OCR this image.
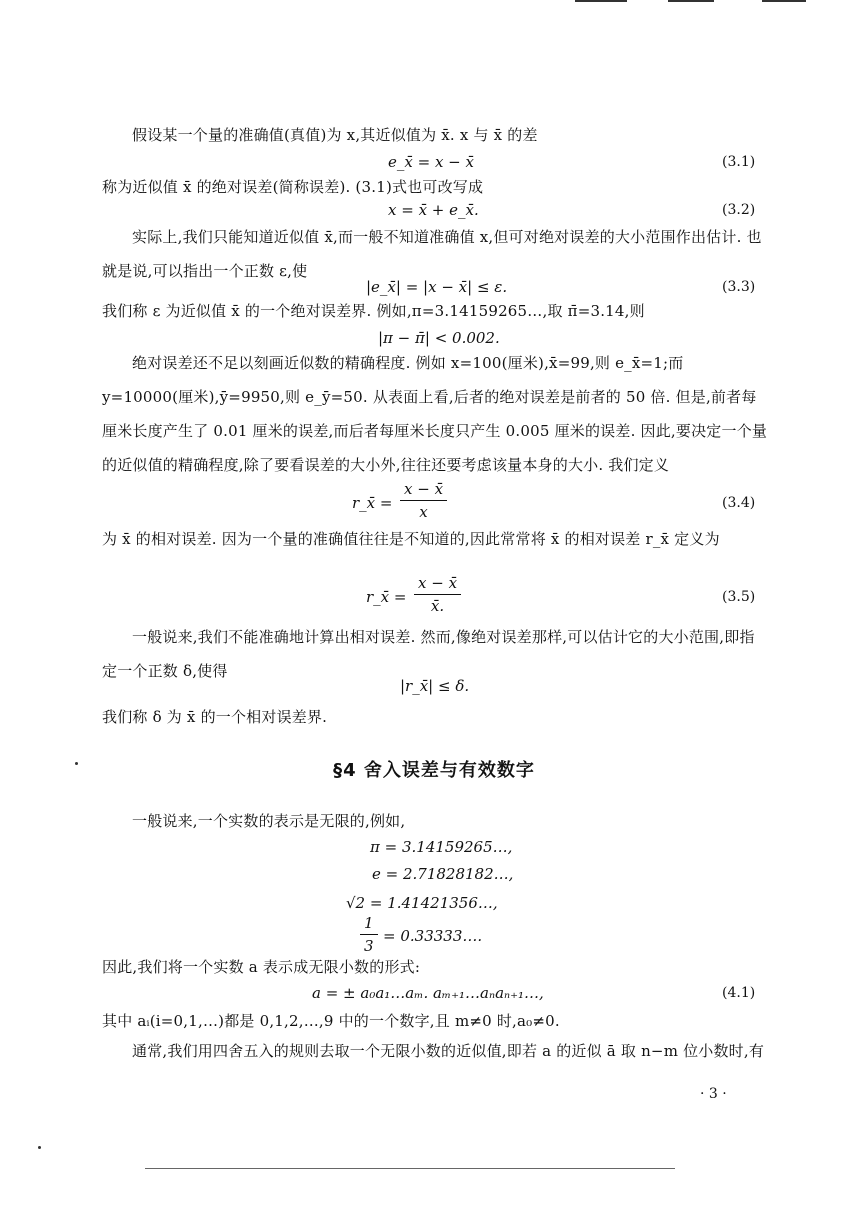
假设某一个量的准确值(真值)为 x,其近似值为 x̄. x 与 x̄ 的差
e_x̄ = x − x̄	(3.1)
称为近似值 x̄ 的绝对误差(简称误差). (3.1)式也可改写成
x = x̄ + e_x̄.	(3.2)
实际上,我们只能知道近似值 x̄,而一般不知道准确值 x,但可对绝对误差的大小范围作出估计. 也就是说,可以指出一个正数 ε,使
|e_x̄| = |x − x̄| ≤ ε.	(3.3)
我们称 ε 为近似值 x̄ 的一个绝对误差界. 例如,π=3.14159265…,取 π̄=3.14,则
|π − π̄| < 0.002.
绝对误差还不足以刻画近似数的精确程度. 例如 x=100(厘米),x̄=99,则 e_x̄=1;而 y=10000(厘米),ȳ=9950,则 e_ȳ=50. 从表面上看,后者的绝对误差是前者的 50 倍. 但是,前者每厘米长度产生了 0.01 厘米的误差,而后者每厘米长度只产生 0.005 厘米的误差. 因此,要决定一个量的近似值的精确程度,除了要看误差的大小外,往往还要考虑该量本身的大小. 我们定义
$\frac{x - x̄}{x}$
r_x̄ =	(3.4)
为 x̄ 的相对误差. 因为一个量的准确值往往是不知道的,因此常常将 x̄ 的相对误差 r_x̄ 定义为
$\frac{x - x̄}{x̄.}$
r_x̄ =	(3.5)
一般说来,我们不能准确地计算出相对误差. 然而,像绝对误差那样,可以估计它的大小范围,即指定一个正数 δ,使得
|r_x̄| ≤ δ.
我们称 δ 为 x̄ 的一个相对误差界.
§4 舍入误差与有效数字
一般说来,一个实数的表示是无限的,例如,
π = 3.14159265…,
e = 2.71828182…,
√2 = 1.41421356…,
$\frac{1}{3}$ = 0.33333….
因此,我们将一个实数 a 表示成无限小数的形式:
a = ± a₀a₁…aₘ. aₘ₊₁…aₙaₙ₊₁…,	(4.1)
其中 aᵢ(i=0,1,…)都是 0,1,2,…,9 中的一个数字,且 m≠0 时,a₀≠0.
通常,我们用四舍五入的规则去取一个无限小数的近似值,即若 a 的近似 ā 取 n−m 位小数时,有
· 3 ·
